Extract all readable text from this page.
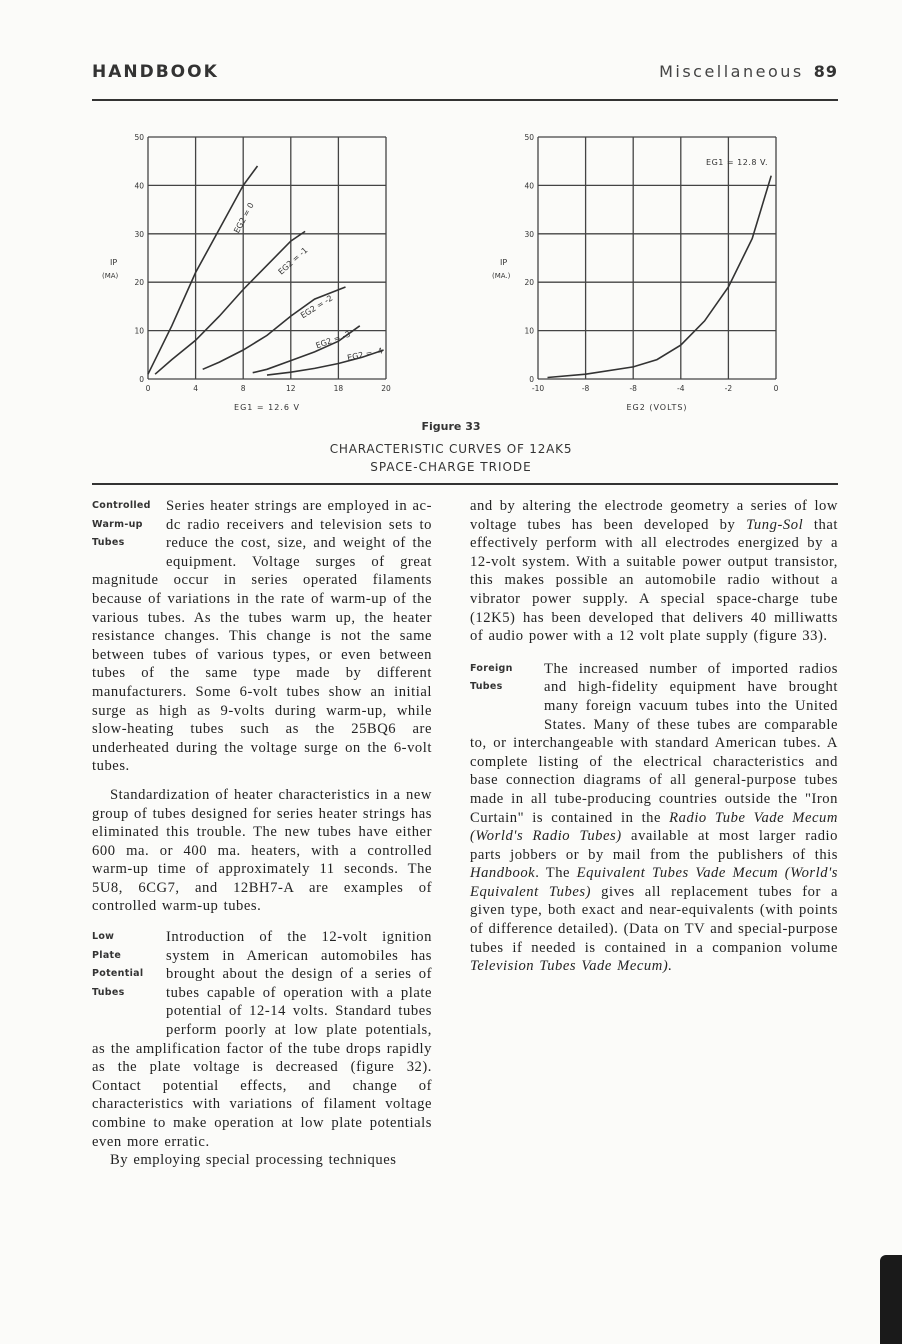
HANDBOOK	Miscellaneous 89
0	4	8	12	18	20
0
10
20
30
40
50
IP
(MA)
EG1 = 12.6 V
EG2 = 0
EG2 = -1
EG2 = -2
EG2 = -3
EG2 = -4
-10	-8	-8	-4	-2	0
0
10
20
30
40
50
IP
(MA.)
EG2 (VOLTS)
EG1 = 12.8 V.
Figure 33
CHARACTERISTIC CURVES OF 12AK5
SPACE-CHARGE TRIODE
Controlled
Warm-up
Tubes

Series heater strings are employed in ac-dc radio receivers and television sets to reduce the cost, size, and weight of the equipment. Voltage surges of great magnitude occur in series operated filaments because of variations in the rate of warm-up of the various tubes. As the tubes warm up, the heater resistance changes. This change is not the same between tubes of various types, or even between tubes of the same type made by different manufacturers. Some 6-volt tubes show an initial surge as high as 9-volts during warm-up, while slow-heating tubes such as the 25BQ6 are underheated during the voltage surge on the 6-volt tubes.

Standardization of heater characteristics in a new group of tubes designed for series heater strings has eliminated this trouble. The new tubes have either 600 ma. or 400 ma. heaters, with a controlled warm-up time of approximately 11 seconds. The 5U8, 6CG7, and 12BH7-A are examples of controlled warm-up tubes.

Low
Plate
Potential
Tubes

Introduction of the 12-volt ignition system in American automobiles has brought about the design of a series of tubes capable of operation with a plate potential of 12-14 volts. Standard tubes perform poorly at low plate potentials, as the amplification factor of the tube drops rapidly as the plate voltage is decreased (figure 32). Contact potential effects, and change of characteristics with variations of filament voltage combine to make operation at low plate potentials even more erratic.

By employing special processing techniques

and by altering the electrode geometry a series of low voltage tubes has been developed by Tung-Sol that effectively perform with all electrodes energized by a 12-volt system. With a suitable power output transistor, this makes possible an automobile radio without a vibrator power supply. A special space-charge tube (12K5) has been developed that delivers 40 milliwatts of audio power with a 12 volt plate supply (figure 33).

Foreign
Tubes

The increased number of imported radios and high-fidelity equipment have brought many foreign vacuum tubes into the United States. Many of these tubes are comparable to, or interchangeable with standard American tubes. A complete listing of the electrical characteristics and base connection diagrams of all general-purpose tubes made in all tube-producing countries outside the "Iron Curtain" is contained in the Radio Tube Vade Mecum (World's Radio Tubes) available at most larger radio parts jobbers or by mail from the publishers of this Handbook. The Equivalent Tubes Vade Mecum (World's Equivalent Tubes) gives all replacement tubes for a given type, both exact and near-equivalents (with points of difference detailed). (Data on TV and special-purpose tubes if needed is contained in a companion volume Television Tubes Vade Mecum).
